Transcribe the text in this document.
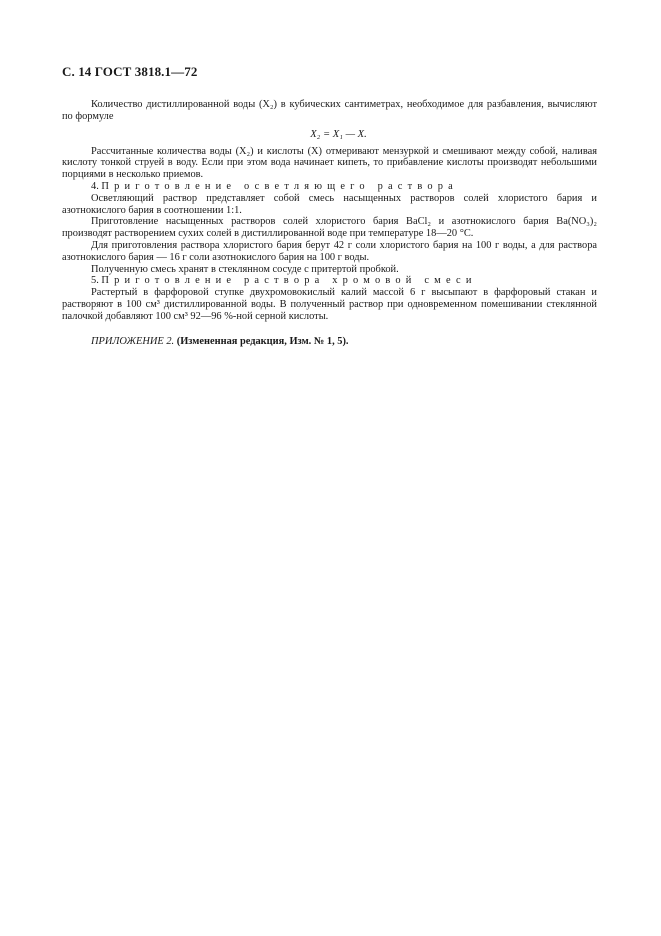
С. 14 ГОСТ 3818.1—72

Количество дистиллированной воды (X₂) в кубических сантиметрах, необходимое для разбавления, вычисляют по формуле

X₂ = X₁ — X.

Рассчитанные количества воды (X₂) и кислоты (X) отмеривают мензуркой и смешивают между собой, наливая кислоту тонкой струей в воду. Если при этом вода начинает кипеть, то прибавление кислоты производят небольшими порциями в несколько приемов.

4. Приготовление осветляющего раствора

Осветляющий раствор представляет собой смесь насыщенных растворов солей хлористого бария и азотнокислого бария в соотношении 1:1.

Приготовление насыщенных растворов солей хлористого бария BaCl₂ и азотнокислого бария Ba(NO₃)₂ производят растворением сухих солей в дистиллированной воде при температуре 18—20 °С.

Для приготовления раствора хлористого бария берут 42 г соли хлористого бария на 100 г воды, а для раствора азотнокислого бария — 16 г соли азотнокислого бария на 100 г воды.

Полученную смесь хранят в стеклянном сосуде с притертой пробкой.

5. Приготовление раствора хромовой смеси

Растертый в фарфоровой ступке двухромовокислый калий массой 6 г высыпают в фарфоровый стакан и растворяют в 100 см³ дистиллированной воды. В полученный раствор при одновременном помешивании стеклянной палочкой добавляют 100 см³ 92—96 %-ной серной кислоты.

ПРИЛОЖЕНИЕ 2. (Измененная редакция, Изм. № 1, 5).
